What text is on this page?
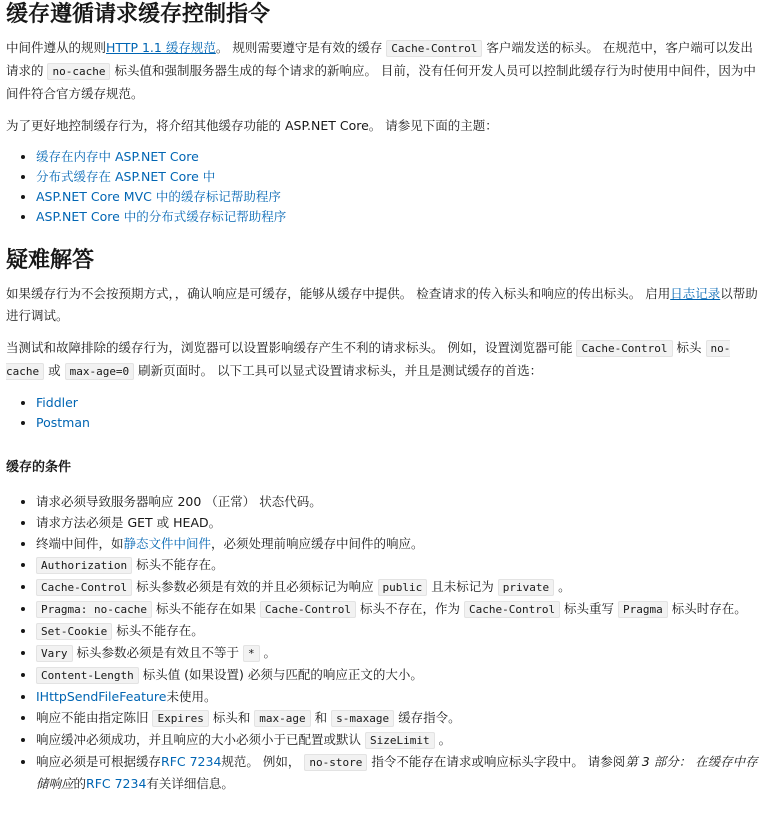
缓存遵循请求缓存控制指令

中间件遵从的规则HTTP 1.1 缓存规范。 规则需要遵守是有效的缓存 Cache-Control 客户端发送的标头。 在规范中，客户端可以发出请求的 no-cache 标头值和强制服务器生成的每个请求的新响应。 目前，没有任何开发人员可以控制此缓存行为时使用中间件，因为中间件符合官方缓存规范。

为了更好地控制缓存行为，将介绍其他缓存功能的 ASP.NET Core。 请参见下面的主题：

• 缓存在内存中 ASP.NET Core
• 分布式缓存在 ASP.NET Core 中
• ASP.NET Core MVC 中的缓存标记帮助程序
• ASP.NET Core 中的分布式缓存标记帮助程序
疑难解答

如果缓存行为不会按预期方式，，确认响应是可缓存，能够从缓存中提供。 检查请求的传入标头和响应的传出标头。 启用日志记录以帮助进行调试。

当测试和故障排除的缓存行为，浏览器可以设置影响缓存产生不利的请求标头。 例如，设置浏览器可能 Cache-Control 标头 no-cache 或 max-age=0 刷新页面时。 以下工具可以显式设置请求标头，并且是测试缓存的首选：

• Fiddler
• Postman
缓存的条件
• 请求必须导致服务器响应 200 （正常） 状态代码。
• 请求方法必须是 GET 或 HEAD。
• 终端中间件，如静态文件中间件，必须处理前响应缓存中间件的响应。
• Authorization 标头不能存在。
• Cache-Control 标头参数必须是有效的并且必须标记为响应 public 且未标记为 private 。
• Pragma: no-cache 标头不能存在如果 Cache-Control 标头不存在，作为 Cache-Control 标头重写 Pragma 标头时存在。
• Set-Cookie 标头不能存在。
• Vary 标头参数必须是有效且不等于 * 。
• Content-Length 标头值 (如果设置) 必须与匹配的响应正文的大小。
• IHttpSendFileFeature未使用。
• 响应不能由指定陈旧 Expires 标头和 max-age 和 s-maxage 缓存指令。
• 响应缓冲必须成功，并且响应的大小必须小于已配置或默认 SizeLimit 。
• 响应必须是可根据缓存RFC 7234规范。 例如， no-store 指令不能存在请求或响应标头字段中。 请参阅第 3 部分： 在缓存中存储响应的RFC 7234有关详细信息。
